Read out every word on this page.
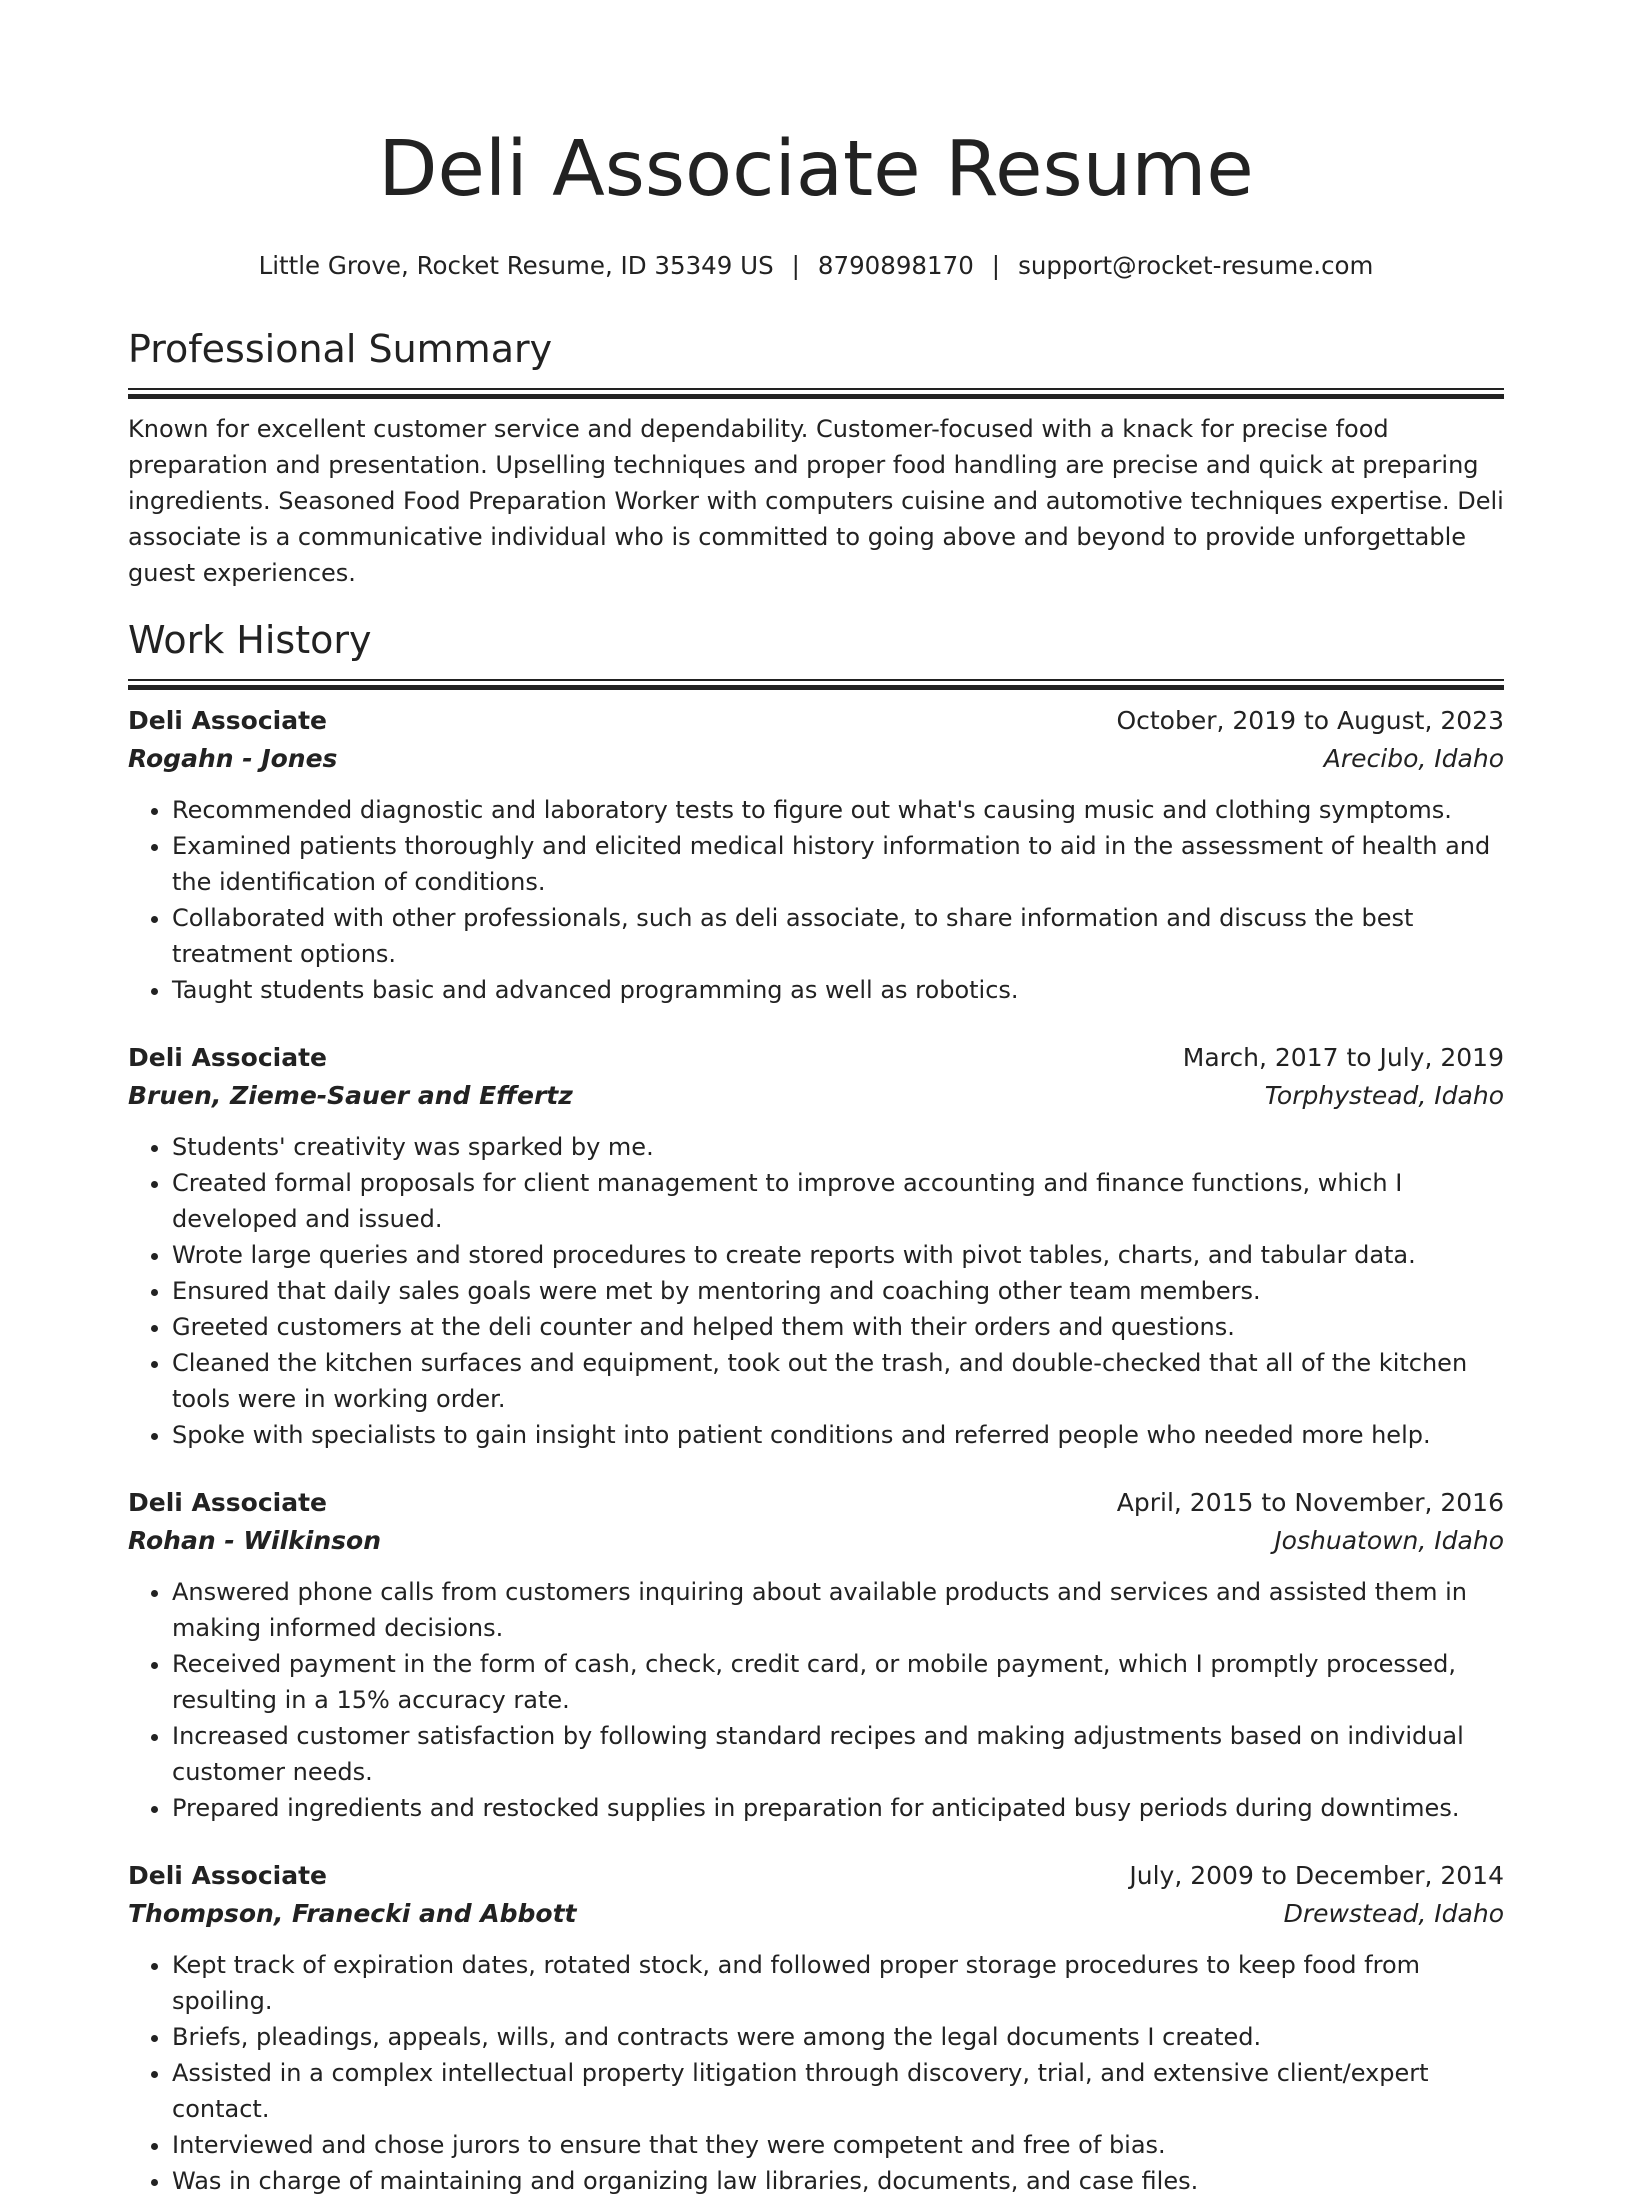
Deli Associate Resume
Little Grove, Rocket Resume, ID 35349 US | 8790898170 | support@rocket-resume.com
Professional Summary

Known for excellent customer service and dependability. Customer-focused with a knack for precise food preparation and presentation. Upselling techniques and proper food handling are precise and quick at preparing ingredients. Seasoned Food Preparation Worker with computers cuisine and automotive techniques expertise. Deli associate is a communicative individual who is committed to going above and beyond to provide unforgettable guest experiences.

Work History
Deli Associate	October, 2019 to August, 2023
Rogahn - Jones	Arecibo, Idaho
• Recommended diagnostic and laboratory tests to figure out what's causing music and clothing symptoms.
• Examined patients thoroughly and elicited medical history information to aid in the assessment of health and the identification of conditions.
• Collaborated with other professionals, such as deli associate, to share information and discuss the best treatment options.
• Taught students basic and advanced programming as well as robotics.
Deli Associate	March, 2017 to July, 2019
Bruen, Zieme-Sauer and Effertz	Torphystead, Idaho
• Students' creativity was sparked by me.
• Created formal proposals for client management to improve accounting and finance functions, which I developed and issued.
• Wrote large queries and stored procedures to create reports with pivot tables, charts, and tabular data.
• Ensured that daily sales goals were met by mentoring and coaching other team members.
• Greeted customers at the deli counter and helped them with their orders and questions.
• Cleaned the kitchen surfaces and equipment, took out the trash, and double-checked that all of the kitchen tools were in working order.
• Spoke with specialists to gain insight into patient conditions and referred people who needed more help.
Deli Associate	April, 2015 to November, 2016
Rohan - Wilkinson	Joshuatown, Idaho
• Answered phone calls from customers inquiring about available products and services and assisted them in making informed decisions.
• Received payment in the form of cash, check, credit card, or mobile payment, which I promptly processed, resulting in a 15% accuracy rate.
• Increased customer satisfaction by following standard recipes and making adjustments based on individual customer needs.
• Prepared ingredients and restocked supplies in preparation for anticipated busy periods during downtimes.
Deli Associate	July, 2009 to December, 2014
Thompson, Franecki and Abbott	Drewstead, Idaho
• Kept track of expiration dates, rotated stock, and followed proper storage procedures to keep food from spoiling.
• Briefs, pleadings, appeals, wills, and contracts were among the legal documents I created.
• Assisted in a complex intellectual property litigation through discovery, trial, and extensive client/expert contact.
• Interviewed and chose jurors to ensure that they were competent and free of bias.
• Was in charge of maintaining and organizing law libraries, documents, and case files.
